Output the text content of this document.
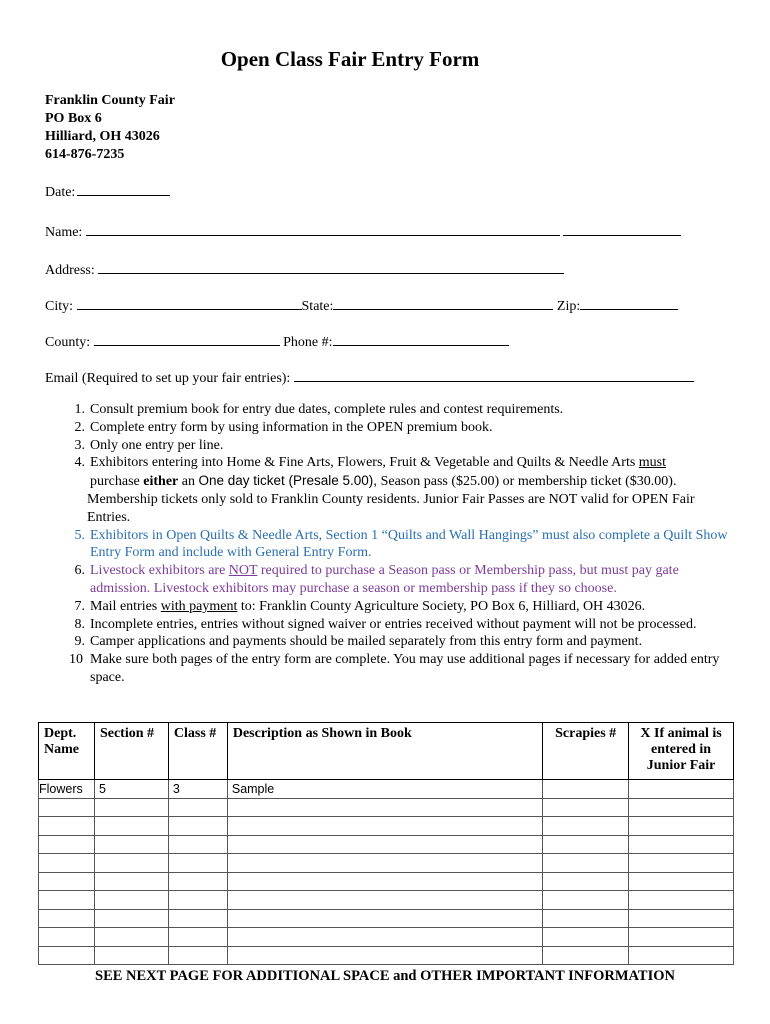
Open Class Fair Entry Form
Franklin County Fair
PO Box 6
Hilliard, OH 43026
614-876-7235
Date:
Name:
Address:
City:	State:	Zip:
County:	Phone #:
Email (Required to set up your fair entries):
1. Consult premium book for entry due dates, complete rules and contest requirements.
2. Complete entry form by using information in the OPEN premium book.
3. Only one entry per line.
4. Exhibitors entering into Home & Fine Arts, Flowers, Fruit & Vegetable and Quilts & Needle Arts must
purchase either an One day ticket (Presale 5.00), Season pass ($25.00) or membership ticket ($30.00).
Membership tickets only sold to Franklin County residents. Junior Fair Passes are NOT valid for OPEN Fair Entries.
5. Exhibitors in Open Quilts & Needle Arts, Section 1 “Quilts and Wall Hangings” must also complete a Quilt Show Entry Form and include with General Entry Form.
6. Livestock exhibitors are NOT required to purchase a Season pass or Membership pass, but must pay gate admission. Livestock exhibitors may purchase a season or membership pass if they so choose.
7. Mail entries with payment to: Franklin County Agriculture Society, PO Box 6, Hilliard, OH 43026.
8. Incomplete entries, entries without signed waiver or entries received without payment will not be processed.
9. Camper applications and payments should be mailed separately from this entry form and payment.
10 Make sure both pages of the entry form are complete. You may use additional pages if necessary for added entry space.
Dept. Name	Section #	Class #	Description as Shown in Book	Scrapies #	X If animal is entered in Junior Fair
Flowers	5	3	Sample		

SEE NEXT PAGE FOR ADDITIONAL SPACE and OTHER IMPORTANT INFORMATION
